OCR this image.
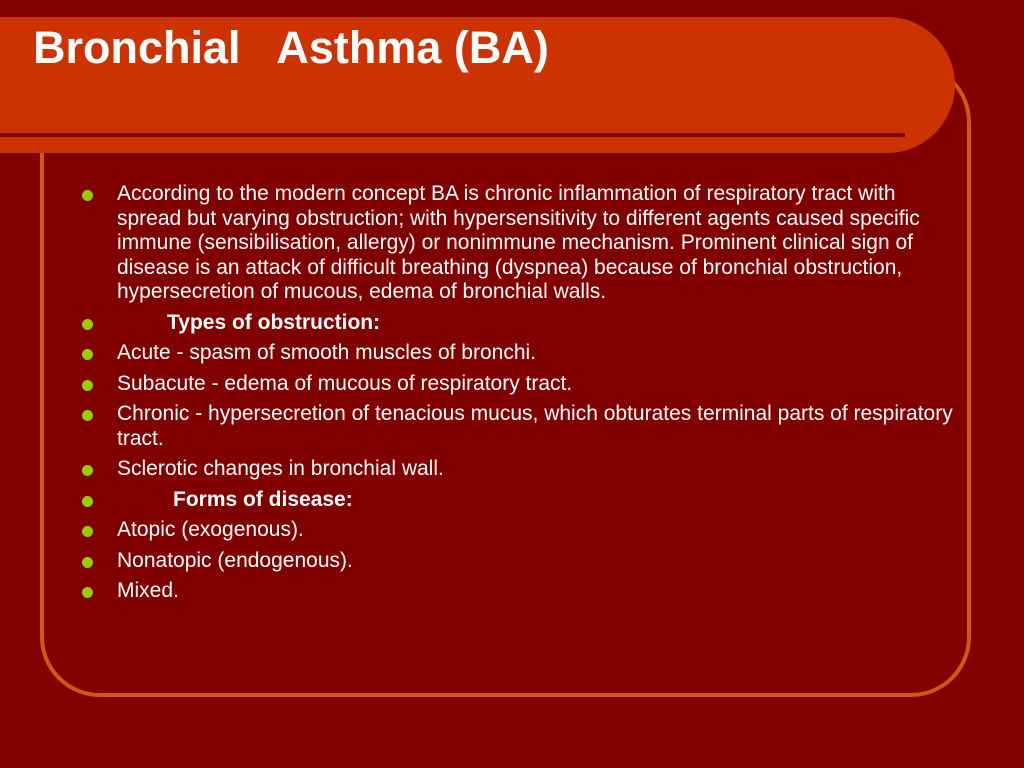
Bronchial   Asthma (BA)
According to the modern concept BA is chronic inflammation of respiratory tract with spread but varying obstruction; with hypersensitivity to different agents caused specific immune (sensibilisation, allergy) or nonimmune mechanism. Prominent clinical sign of disease is an attack of difficult breathing (dyspnea) because of bronchial obstruction, hypersecretion of mucous, edema of bronchial walls.
Types of obstruction:
Acute - spasm of smooth muscles of bronchi.
Subacute - edema of mucous of respiratory tract.
Chronic - hypersecretion of tenacious mucus, which obturates terminal parts of respiratory tract.
Sclerotic changes in bronchial wall.
Forms of disease:
Atopic (exogenous).
Nonatopic (endogenous).
Mixed.
